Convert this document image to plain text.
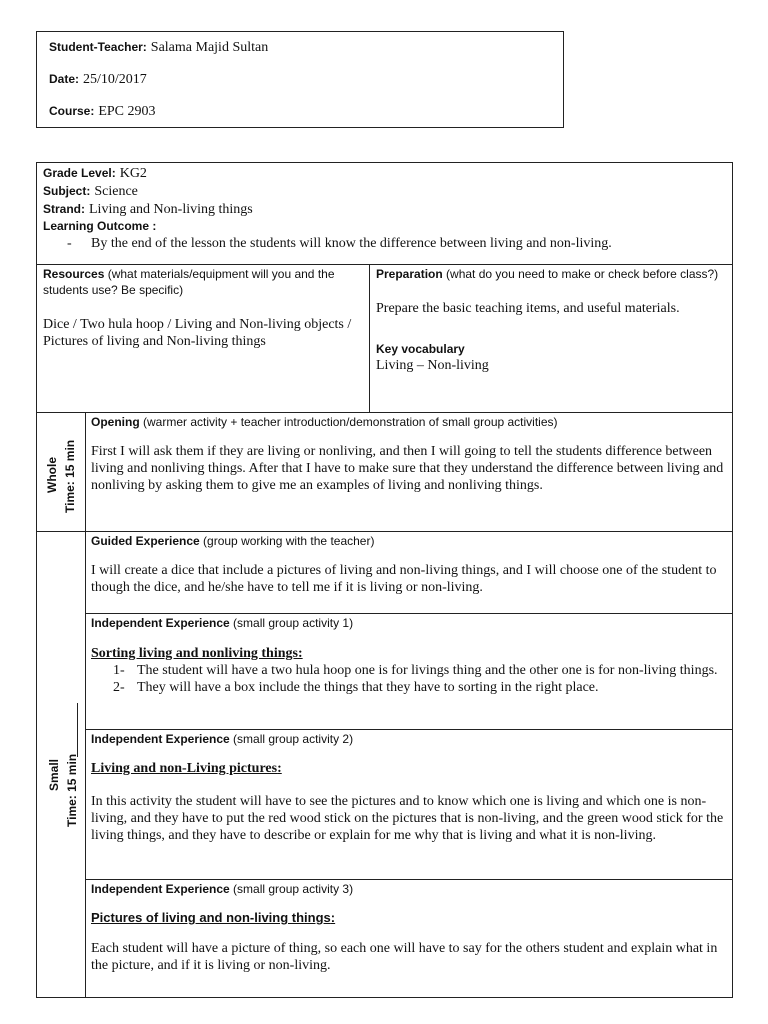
Student-Teacher: Salama Majid Sultan
Date: 25/10/2017
Course: EPC 2903
Grade Level: KG2
Subject: Science
Strand: Living and Non-living things
Learning Outcome :
- By the end of the lesson the students will know the difference between living and non-living.
Resources (what materials/equipment will you and the students use? Be specific)

Dice / Two hula hoop / Living and Non-living objects / Pictures of living and Non-living things

Preparation (what do you need to make or check before class?)

Prepare the basic teaching items, and useful materials.

Key vocabulary

Living – Non-living

Whole Time: 15 min
Opening (warmer activity + teacher introduction/demonstration of small group activities)

First I will ask them if they are living or nonliving, and then I will going to tell the students difference between living and nonliving things. After that I have to make sure that they understand the difference between living and nonliving by asking them to give me an examples of living and nonliving things.

Small Time: 15 min
Guided Experience (group working with the teacher)

I will create a dice that include a pictures of living and non-living things, and I will choose one of the student to though the dice, and he/she have to tell me if it is living or non-living.

Independent Experience (small group activity 1)
Sorting living and nonliving things:
1- The student will have a two hula hoop one is for livings thing and the other one is for non-living things.
2- They will have a box include the things that they have to sorting in the right place.
Independent Experience (small group activity 2)
Living and non-Living pictures:

In this activity the student will have to see the pictures and to know which one is living and which one is non-living, and they have to put the red wood stick on the pictures that is non-living, and the green wood stick for the living things, and they have to describe or explain for me why that is living and what it is non-living.

Independent Experience (small group activity 3)
Pictures of living and non-living things:

Each student will have a picture of thing, so each one will have to say for the others student and explain what in the picture, and if it is living or non-living.
